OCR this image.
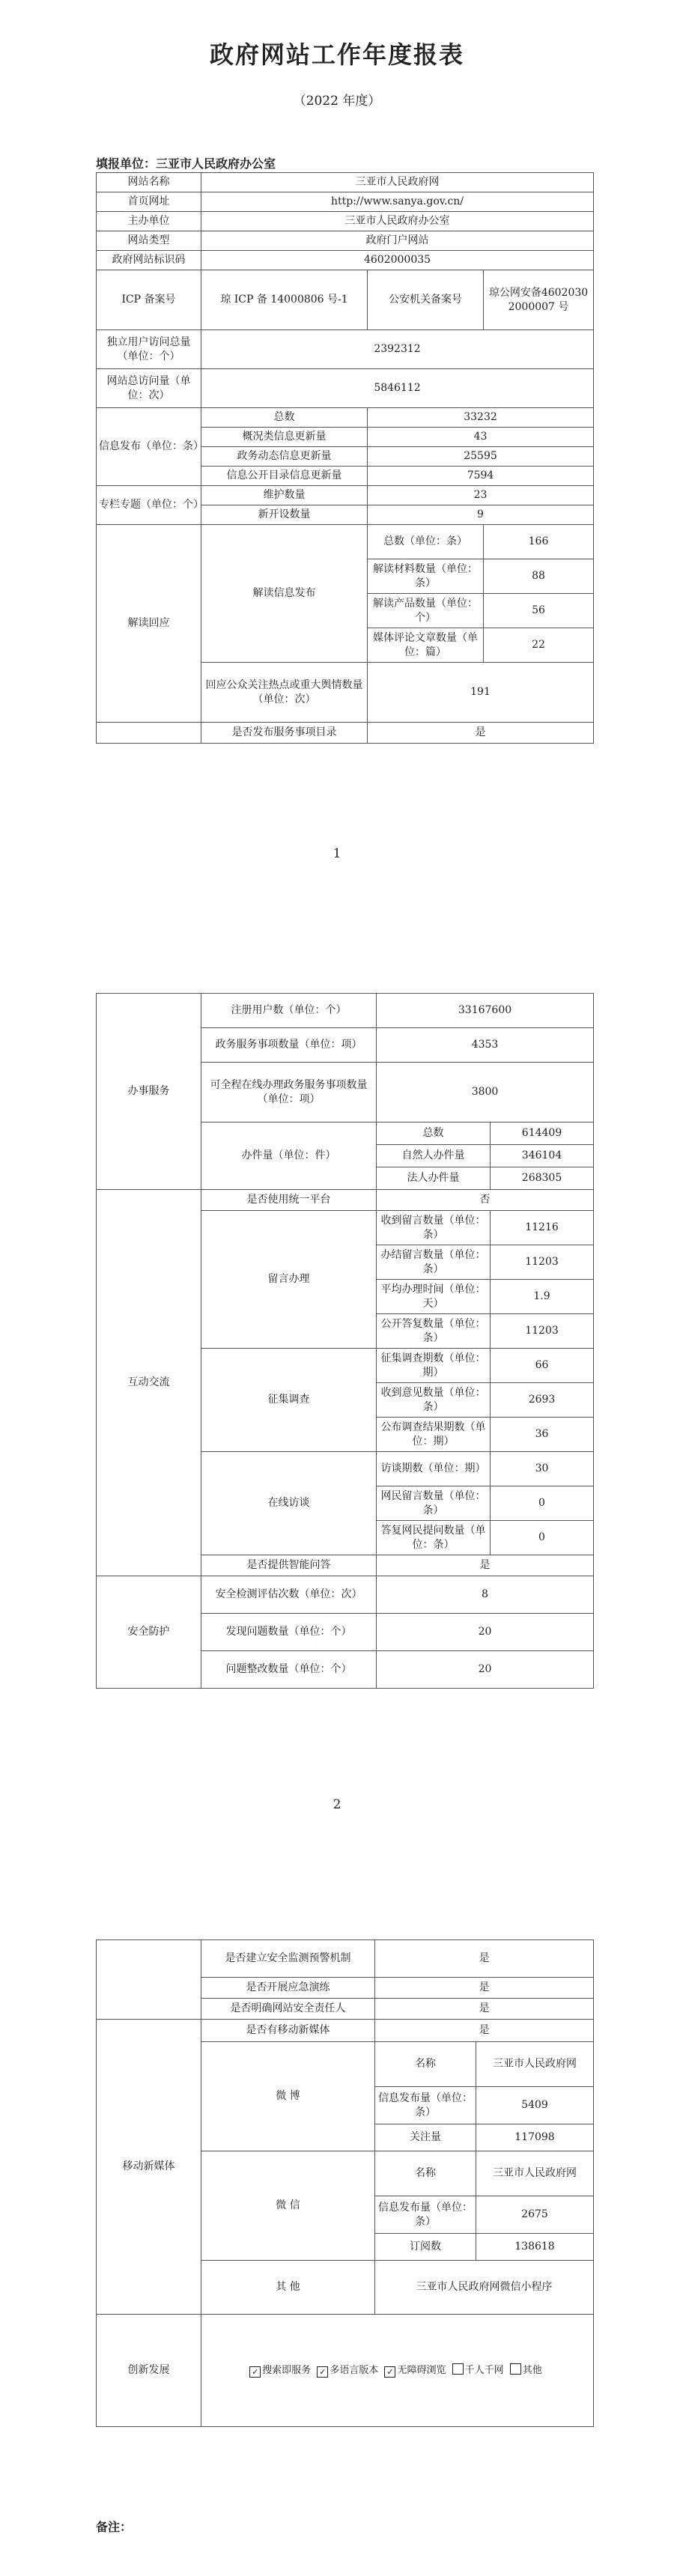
政府网站工作年度报表
（2022 年度）
填报单位：三亚市人民政府办公室
网站名称	三亚市人民政府网		
首页网址	http://www.sanya.gov.cn/		
主办单位	三亚市人民政府办公室		
网站类型	政府门户网站		
政府网站标识码	4602000035		
ICP 备案号	琼 ICP 备 14000806 号-1	公安机关备案号	琼公网安备46020302000007 号
独立用户访问总量（单位：个）	2392312		
网站总访问量（单位：次）	5846112		
信息发布（单位：条）	总数	33232	
	概况类信息更新量	43	
	政务动态信息更新量	25595	
	信息公开目录信息更新量	7594	
专栏专题（单位：个）	维护数量	23	
	新开设数量	9	
解读回应	解读信息发布	总数（单位：条）	166
		解读材料数量（单位：条）	88
		解读产品数量（单位：个）	56
		媒体评论文章数量（单位：篇）	22
	回应公众关注热点或重大舆情数量（单位：次）	191	
	是否发布服务事项目录	是	
1
办事服务	注册用户数（单位：个）	33167600	
	政务服务事项数量（单位：项）	4353	
	可全程在线办理政务服务事项数量（单位：项）	3800	
	办件量（单位：件）	总数	614409
		自然人办件量	346104
		法人办件量	268305
互动交流	是否使用统一平台	否	
	留言办理	收到留言数量（单位：条）	11216
		办结留言数量（单位：条）	11203
		平均办理时间（单位：天）	1.9
		公开答复数量（单位：条）	11203
	征集调查	征集调查期数（单位：期）	66
		收到意见数量（单位：条）	2693
		公布调查结果期数（单位：期）	36
	在线访谈	访谈期数（单位：期）	30
		网民留言数量（单位：条）	0
		答复网民提问数量（单位：条）	0
	是否提供智能问答	是	
安全防护	安全检测评估次数（单位：次）	8	
	发现问题数量（单位：个）	20	
	问题整改数量（单位：个）	20	
2
	是否建立安全监测预警机制	是	
	是否开展应急演练	是	
	是否明确网站安全责任人	是	
移动新媒体	是否有移动新媒体	是	
	微 博	名称	三亚市人民政府网
		信息发布量（单位：条）	5409
		关注量	117098
	微 信	名称	三亚市人民政府网
		信息发布量（单位：条）	2675
		订阅数	138618
	其 他	三亚市人民政府网微信小程序	
创新发展	✓ 搜索即服务 ✓ 多语言版本 ✓ 无障碍浏览 千人千网 其他		
备注：
